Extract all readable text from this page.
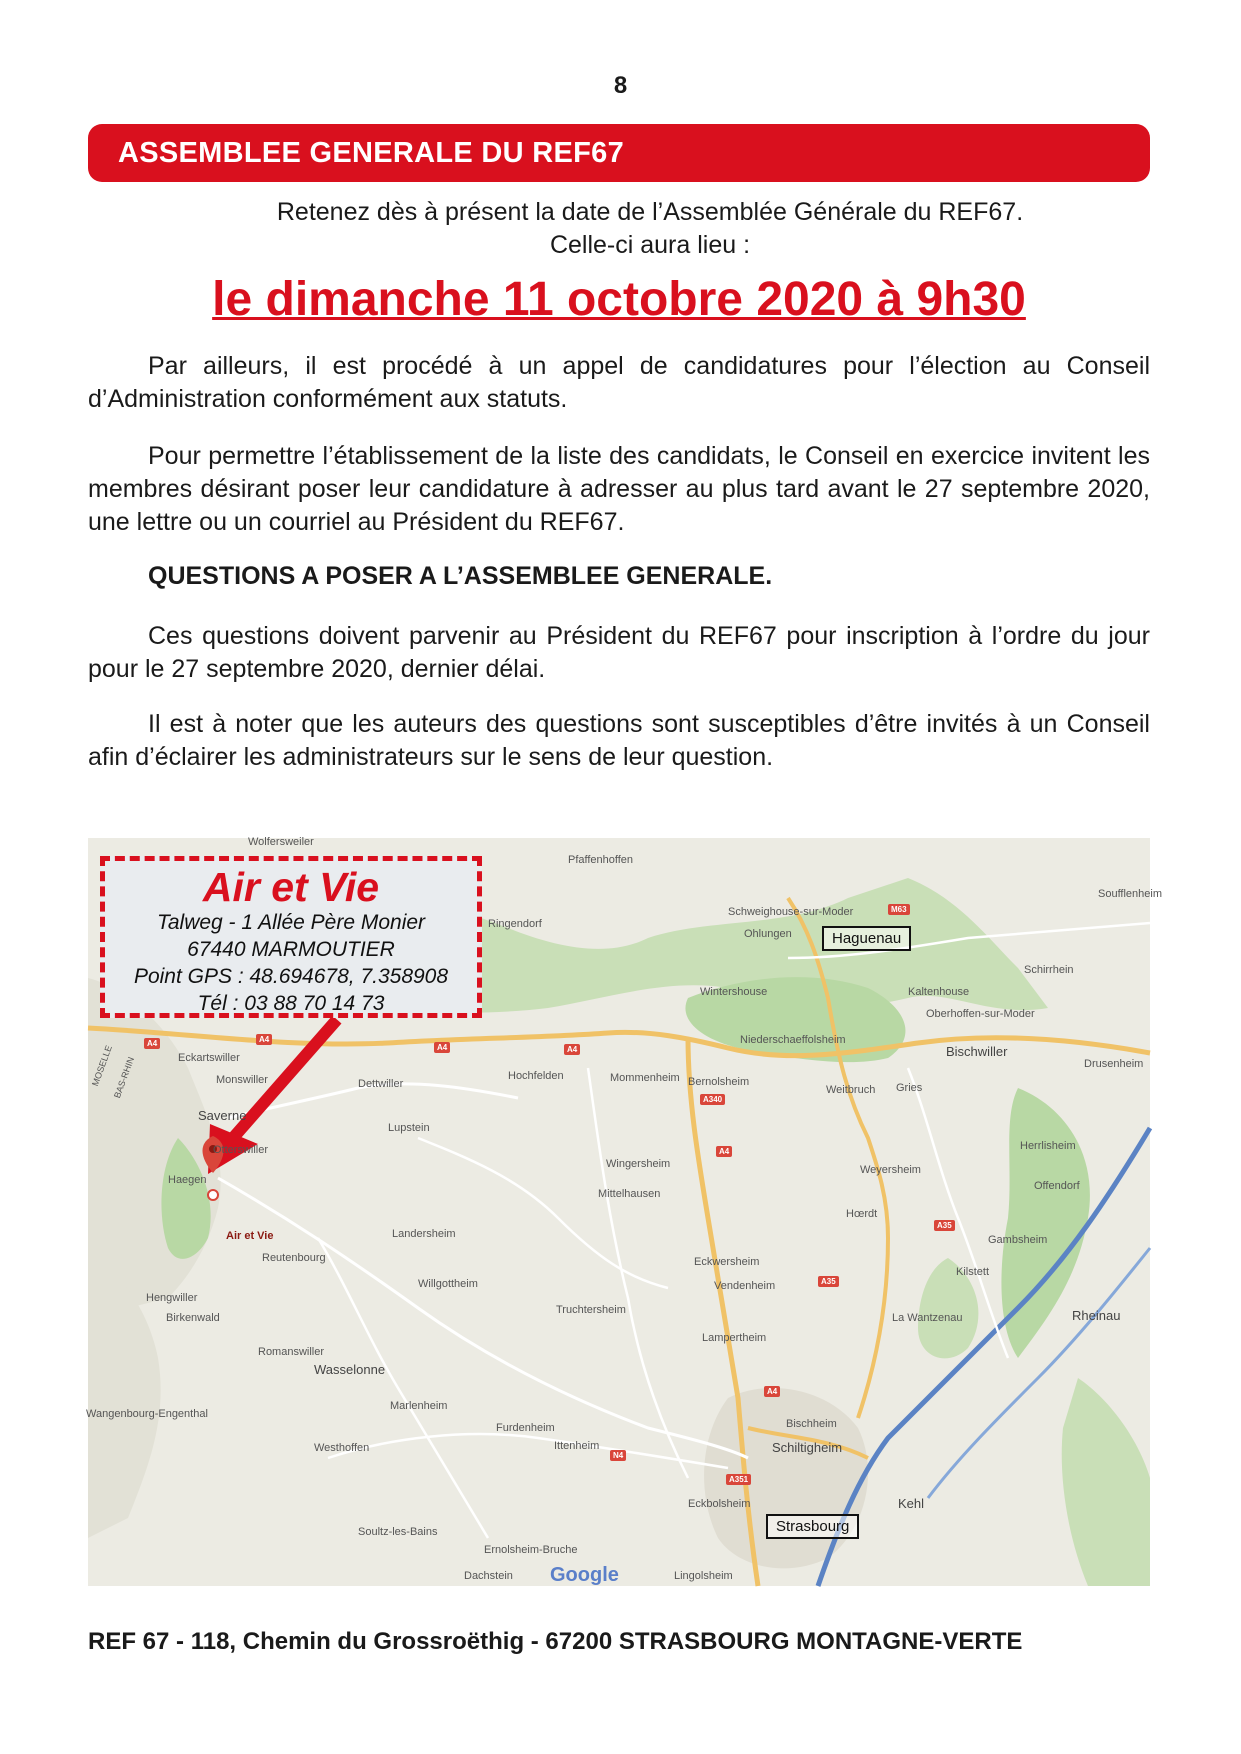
8
ASSEMBLEE GENERALE DU REF67
Retenez dès à présent la date de l’Assemblée Générale du REF67.
Celle-ci aura lieu :
le dimanche 11 octobre 2020 à 9h30
Par ailleurs, il est procédé à un appel de candidatures pour l’élection au Conseil d’Administration conformément aux statuts.
Pour permettre l’établissement de la liste des candidats, le Conseil en exercice invitent les membres désirant poser leur candidature à adresser au plus tard avant le 27 septembre 2020, une lettre ou un courriel au Président du REF67.
QUESTIONS A POSER A L’ASSEMBLEE GENERALE.
Ces questions doivent parvenir au Président du REF67 pour inscription à l’ordre du jour pour le 27 septembre 2020, dernier délai.
Il est à noter que les auteurs des questions sont susceptibles d’être invités à un Conseil afin d’éclairer les administrateurs sur le sens de leur question.
Wolfersweiler
Pfaffenhoffen
Schweighouse-sur-Moder
Ohlungen
Soufflenheim
Schirrhein
Kaltenhouse
Oberhoffen-sur-Moder
Wintershouse
Niederschaeffolsheim
Bischwiller
Drusenheim
Eckartswiller
Monswiller
Saverne
Otterswiller
Dettwiller
Hochfelden	Mommenheim Bernolsheim
Weitbruch Gries
Lupstein
Herrlisheim
Wingersheim	Weyersheim
Offendorf
Haegen
Mittelhausen
Hœrdt
Gambsheim
Landersheim
Reutenbourg	Eckwersheim
Kilstett
Willgottheim	Vendenheim
Hengwiller
Birkenwald
Truchtersheim
La Wantzenau	Rheinau
Lampertheim
Romanswiller
Wasselonne
Wangenbourg-Engenthal
Marlenheim
Bischheim
Furdenheim
Schiltigheim
Westhoffen	Ittenheim
Eckbolsheim	Kehl
Soultz-les-Bains
Ernolsheim-Bruche
Dachstein	Lingolsheim
Ringendorf
MOSELLE
BAS-RHIN
A4	A4
A4	A4
M63
A340
A4
A35
A35
A4
N4
A351
Haguenau
Strasbourg
Air et Vie
Air et Vie
Talweg - 1 Allée Père Monier
67440 MARMOUTIER
Point GPS : 48.694678, 7.358908
Tél : 03 88 70 14 73
Google
REF 67 - 118, Chemin du Grossroëthig - 67200 STRASBOURG MONTAGNE-VERTE
